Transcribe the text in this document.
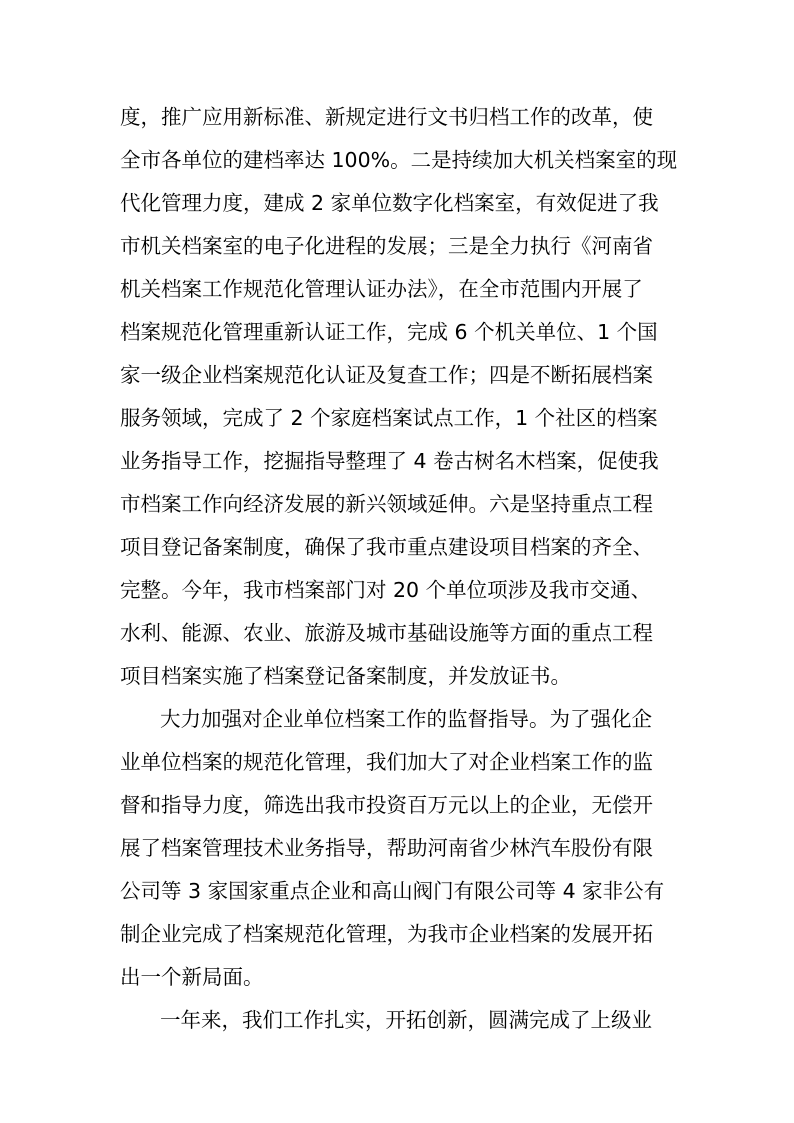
度，推广应用新标准、新规定进行文书归档工作的改革，使

全市各单位的建档率达 100%。二是持续加大机关档案室的现

代化管理力度，建成 2 家单位数字化档案室，有效促进了我

市机关档案室的电子化进程的发展；三是全力执行《河南省

机关档案工作规范化管理认证办法》，在全市范围内开展了

档案规范化管理重新认证工作，完成 6 个机关单位、1 个国

家一级企业档案规范化认证及复查工作；四是不断拓展档案

服务领域，完成了 2 个家庭档案试点工作，1 个社区的档案

业务指导工作，挖掘指导整理了 4 卷古树名木档案，促使我

市档案工作向经济发展的新兴领域延伸。六是坚持重点工程

项目登记备案制度，确保了我市重点建设项目档案的齐全、

完整。今年，我市档案部门对 20 个单位项涉及我市交通、

水利、能源、农业、旅游及城市基础设施等方面的重点工程

项目档案实施了档案登记备案制度，并发放证书。

大力加强对企业单位档案工作的监督指导。为了强化企

业单位档案的规范化管理，我们加大了对企业档案工作的监

督和指导力度，筛选出我市投资百万元以上的企业，无偿开

展了档案管理技术业务指导，帮助河南省少林汽车股份有限

公司等 3 家国家重点企业和高山阀门有限公司等 4 家非公有

制企业完成了档案规范化管理，为我市企业档案的发展开拓

出一个新局面。

一年来，我们工作扎实，开拓创新，圆满完成了上级业
